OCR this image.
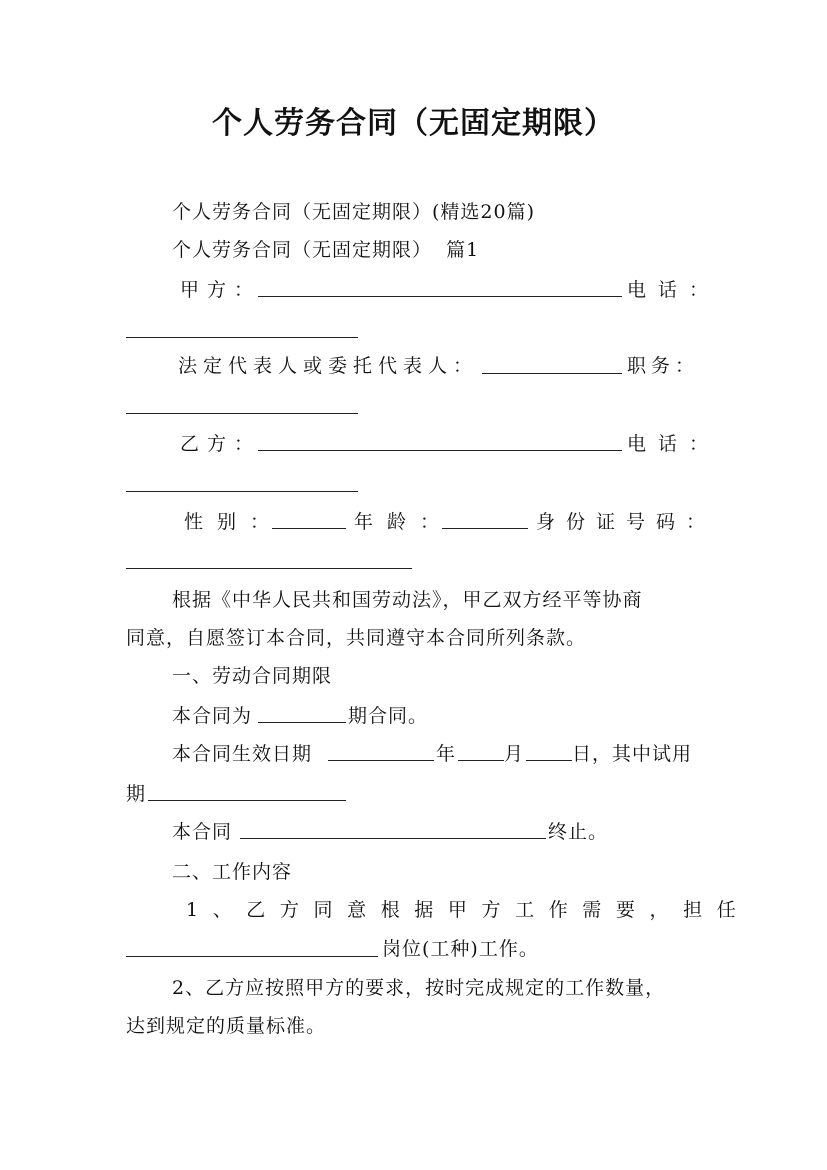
个人劳务合同（无固定期限）
个人劳务合同（无固定期限）(精选20篇)
个人劳务合同（无固定期限）  篇1
甲方：	电话：
法定代表人或委托代表人：	职务：
乙方：	电话：
性别：	年龄：	身份证号码：
根据《中华人民共和国劳动法》，甲乙双方经平等协商
同意，自愿签订本合同，共同遵守本合同所列条款。
一、劳动合同期限
本合同为	期合同。
本合同生效日期	年	月	日，其中试用
期
本合同	终止。
二、工作内容
1、乙方同意根据甲方工作需要，担任
岗位(工种)工作。
2、乙方应按照甲方的要求，按时完成规定的工作数量，
达到规定的质量标准。
